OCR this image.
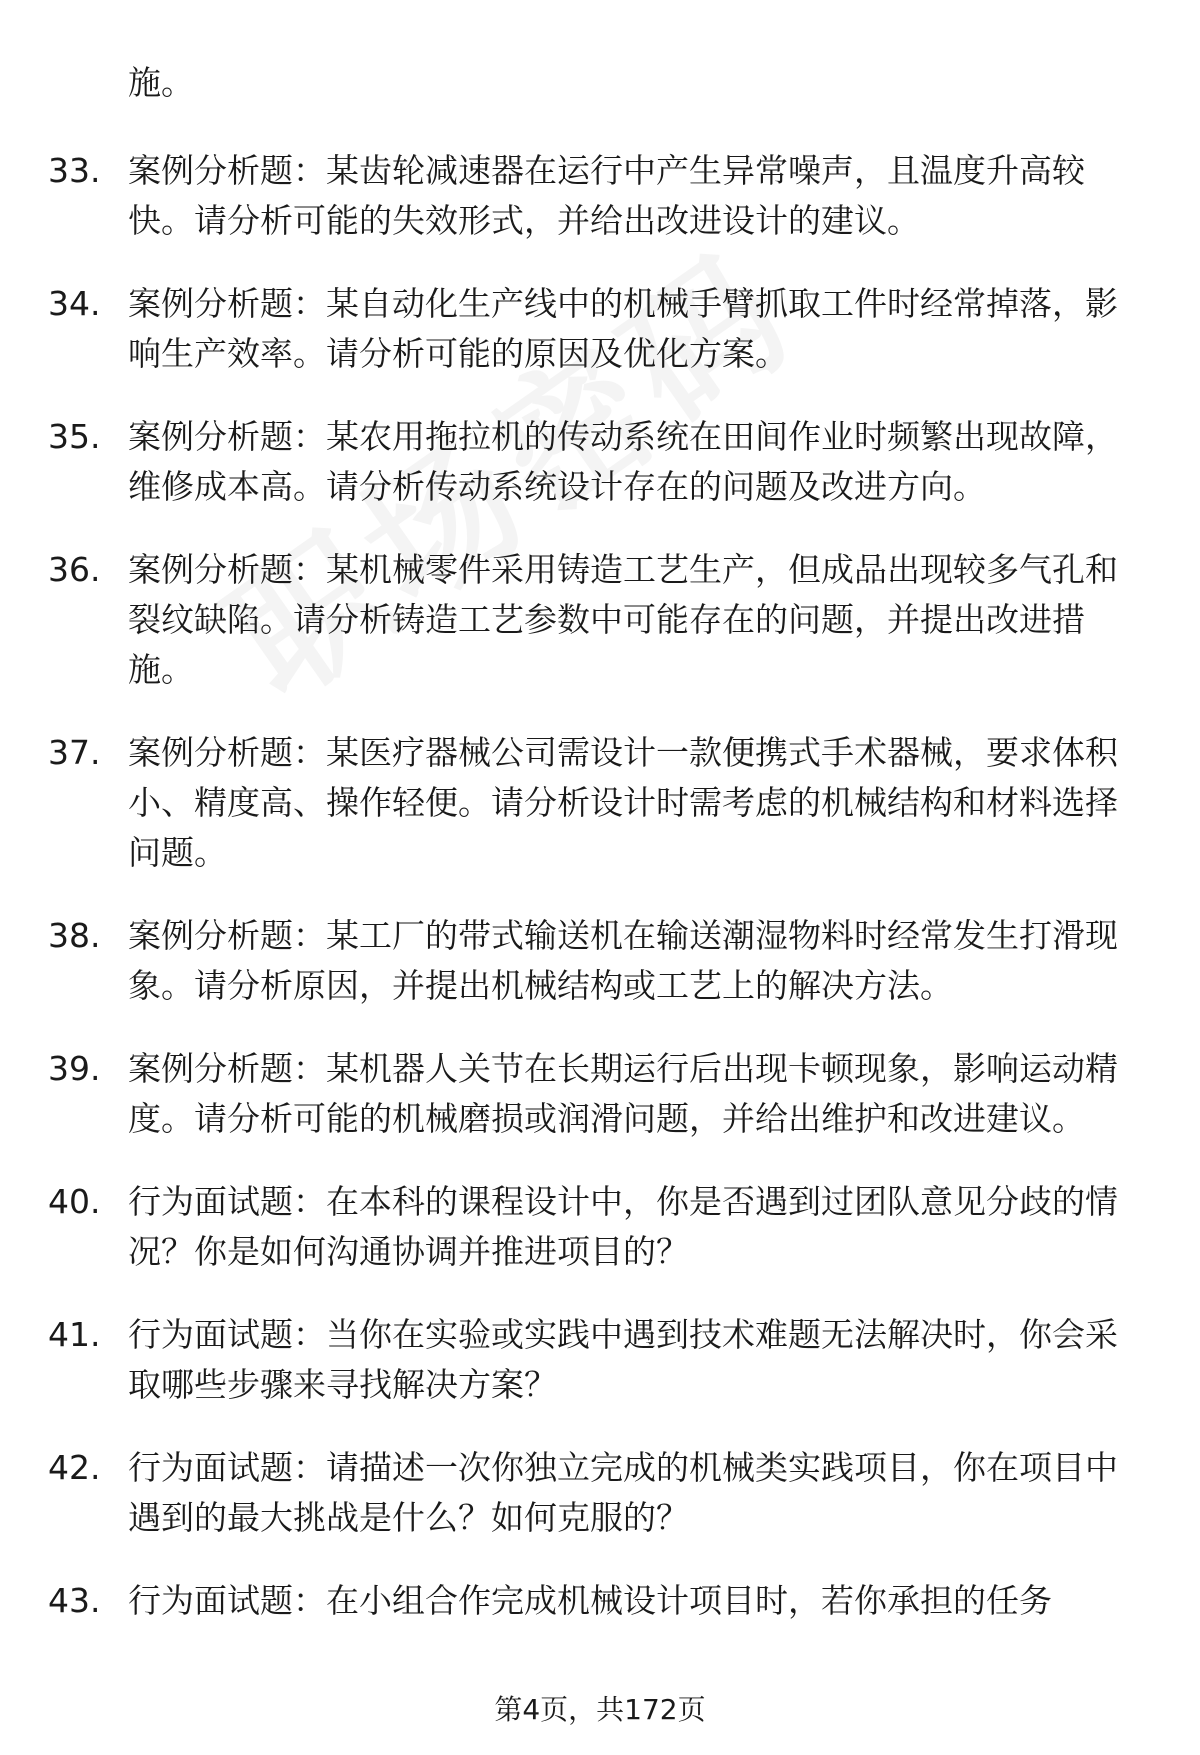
施。
33. 案例分析题：某齿轮减速器在运行中产生异常噪声，且温度升高较快。请分析可能的失效形式，并给出改进设计的建议。
34. 案例分析题：某自动化生产线中的机械手臂抓取工件时经常掉落，影响生产效率。请分析可能的原因及优化方案。
35. 案例分析题：某农用拖拉机的传动系统在田间作业时频繁出现故障，维修成本高。请分析传动系统设计存在的问题及改进方向。
36. 案例分析题：某机械零件采用铸造工艺生产，但成品出现较多气孔和裂纹缺陷。请分析铸造工艺参数中可能存在的问题，并提出改进措施。
37. 案例分析题：某医疗器械公司需设计一款便携式手术器械，要求体积小、精度高、操作轻便。请分析设计时需考虑的机械结构和材料选择问题。
38. 案例分析题：某工厂的带式输送机在输送潮湿物料时经常发生打滑现象。请分析原因，并提出机械结构或工艺上的解决方法。
39. 案例分析题：某机器人关节在长期运行后出现卡顿现象，影响运动精度。请分析可能的机械磨损或润滑问题，并给出维护和改进建议。
40. 行为面试题：在本科的课程设计中，你是否遇到过团队意见分歧的情况？你是如何沟通协调并推进项目的？
41. 行为面试题：当你在实验或实践中遇到技术难题无法解决时，你会采取哪些步骤来寻找解决方案？
42. 行为面试题：请描述一次你独立完成的机械类实践项目，你在项目中遇到的最大挑战是什么？如何克服的？
43. 行为面试题：在小组合作完成机械设计项目时，若你承担的任务
第4页，共172页
